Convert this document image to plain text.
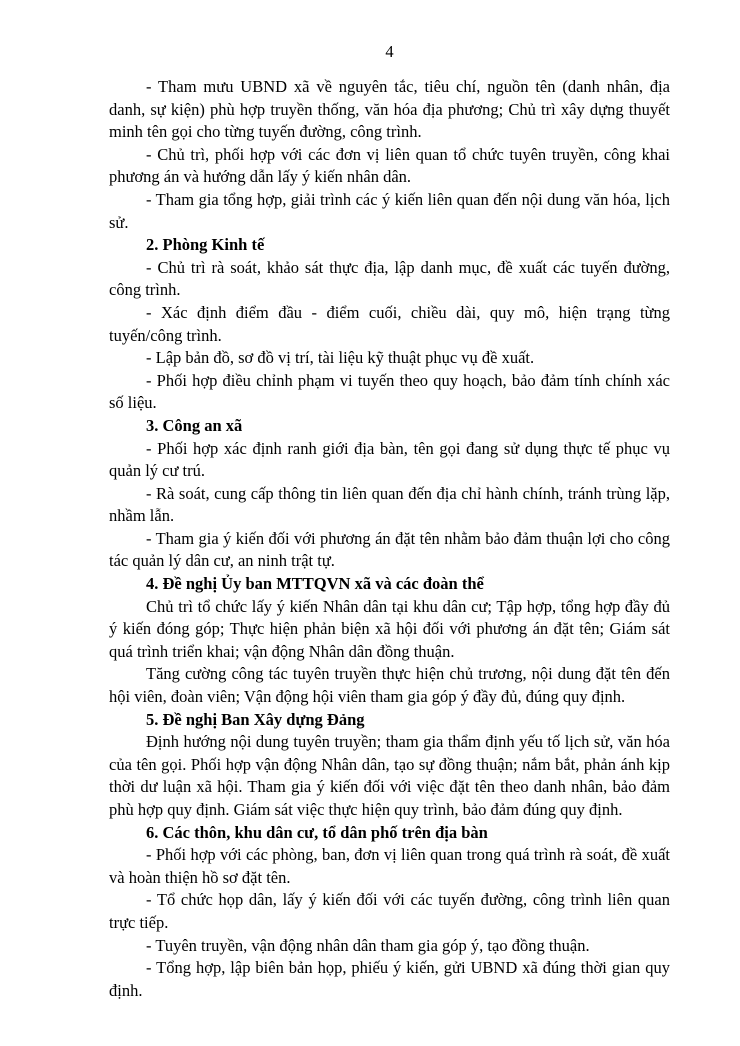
4

- Tham mưu UBND xã về nguyên tắc, tiêu chí, nguồn tên (danh nhân, địa danh, sự kiện) phù hợp truyền thống, văn hóa địa phương; Chủ trì xây dựng thuyết minh tên gọi cho từng tuyến đường, công trình.

- Chủ trì, phối hợp với các đơn vị liên quan tổ chức tuyên truyền, công khai phương án và hướng dẫn lấy ý kiến nhân dân.

- Tham gia tổng hợp, giải trình các ý kiến liên quan đến nội dung văn hóa, lịch sử.

2. Phòng Kinh tế

- Chủ trì rà soát, khảo sát thực địa, lập danh mục, đề xuất các tuyến đường, công trình.

- Xác định điểm đầu - điểm cuối, chiều dài, quy mô, hiện trạng từng tuyến/công trình.

- Lập bản đồ, sơ đồ vị trí, tài liệu kỹ thuật phục vụ đề xuất.

- Phối hợp điều chỉnh phạm vi tuyến theo quy hoạch, bảo đảm tính chính xác số liệu.

3. Công an xã

- Phối hợp xác định ranh giới địa bàn, tên gọi đang sử dụng thực tế phục vụ quản lý cư trú.

- Rà soát, cung cấp thông tin liên quan đến địa chỉ hành chính, tránh trùng lặp, nhầm lẫn.

- Tham gia ý kiến đối với phương án đặt tên nhằm bảo đảm thuận lợi cho công tác quản lý dân cư, an ninh trật tự.

4. Đề nghị Ủy ban MTTQVN xã và các đoàn thể

Chủ trì tổ chức lấy ý kiến Nhân dân tại khu dân cư; Tập hợp, tổng hợp đầy đủ ý kiến đóng góp; Thực hiện phản biện xã hội đối với phương án đặt tên; Giám sát quá trình triển khai; vận động Nhân dân đồng thuận.

Tăng cường công tác tuyên truyền thực hiện chủ trương, nội dung đặt tên đến hội viên, đoàn viên; Vận động hội viên tham gia góp ý đầy đủ, đúng quy định.

5. Đề nghị Ban Xây dựng Đảng

Định hướng nội dung tuyên truyền; tham gia thẩm định yếu tố lịch sử, văn hóa của tên gọi. Phối hợp vận động Nhân dân, tạo sự đồng thuận; nắm bắt, phản ánh kịp thời dư luận xã hội. Tham gia ý kiến đối với việc đặt tên theo danh nhân, bảo đảm phù hợp quy định. Giám sát việc thực hiện quy trình, bảo đảm đúng quy định.

6. Các thôn, khu dân cư, tổ dân phố trên địa bàn

- Phối hợp với các phòng, ban, đơn vị liên quan trong quá trình rà soát, đề xuất và hoàn thiện hồ sơ đặt tên.

- Tổ chức họp dân, lấy ý kiến đối với các tuyến đường, công trình liên quan trực tiếp.

- Tuyên truyền, vận động nhân dân tham gia góp ý, tạo đồng thuận.

- Tổng hợp, lập biên bản họp, phiếu ý kiến, gửi UBND xã đúng thời gian quy định.
